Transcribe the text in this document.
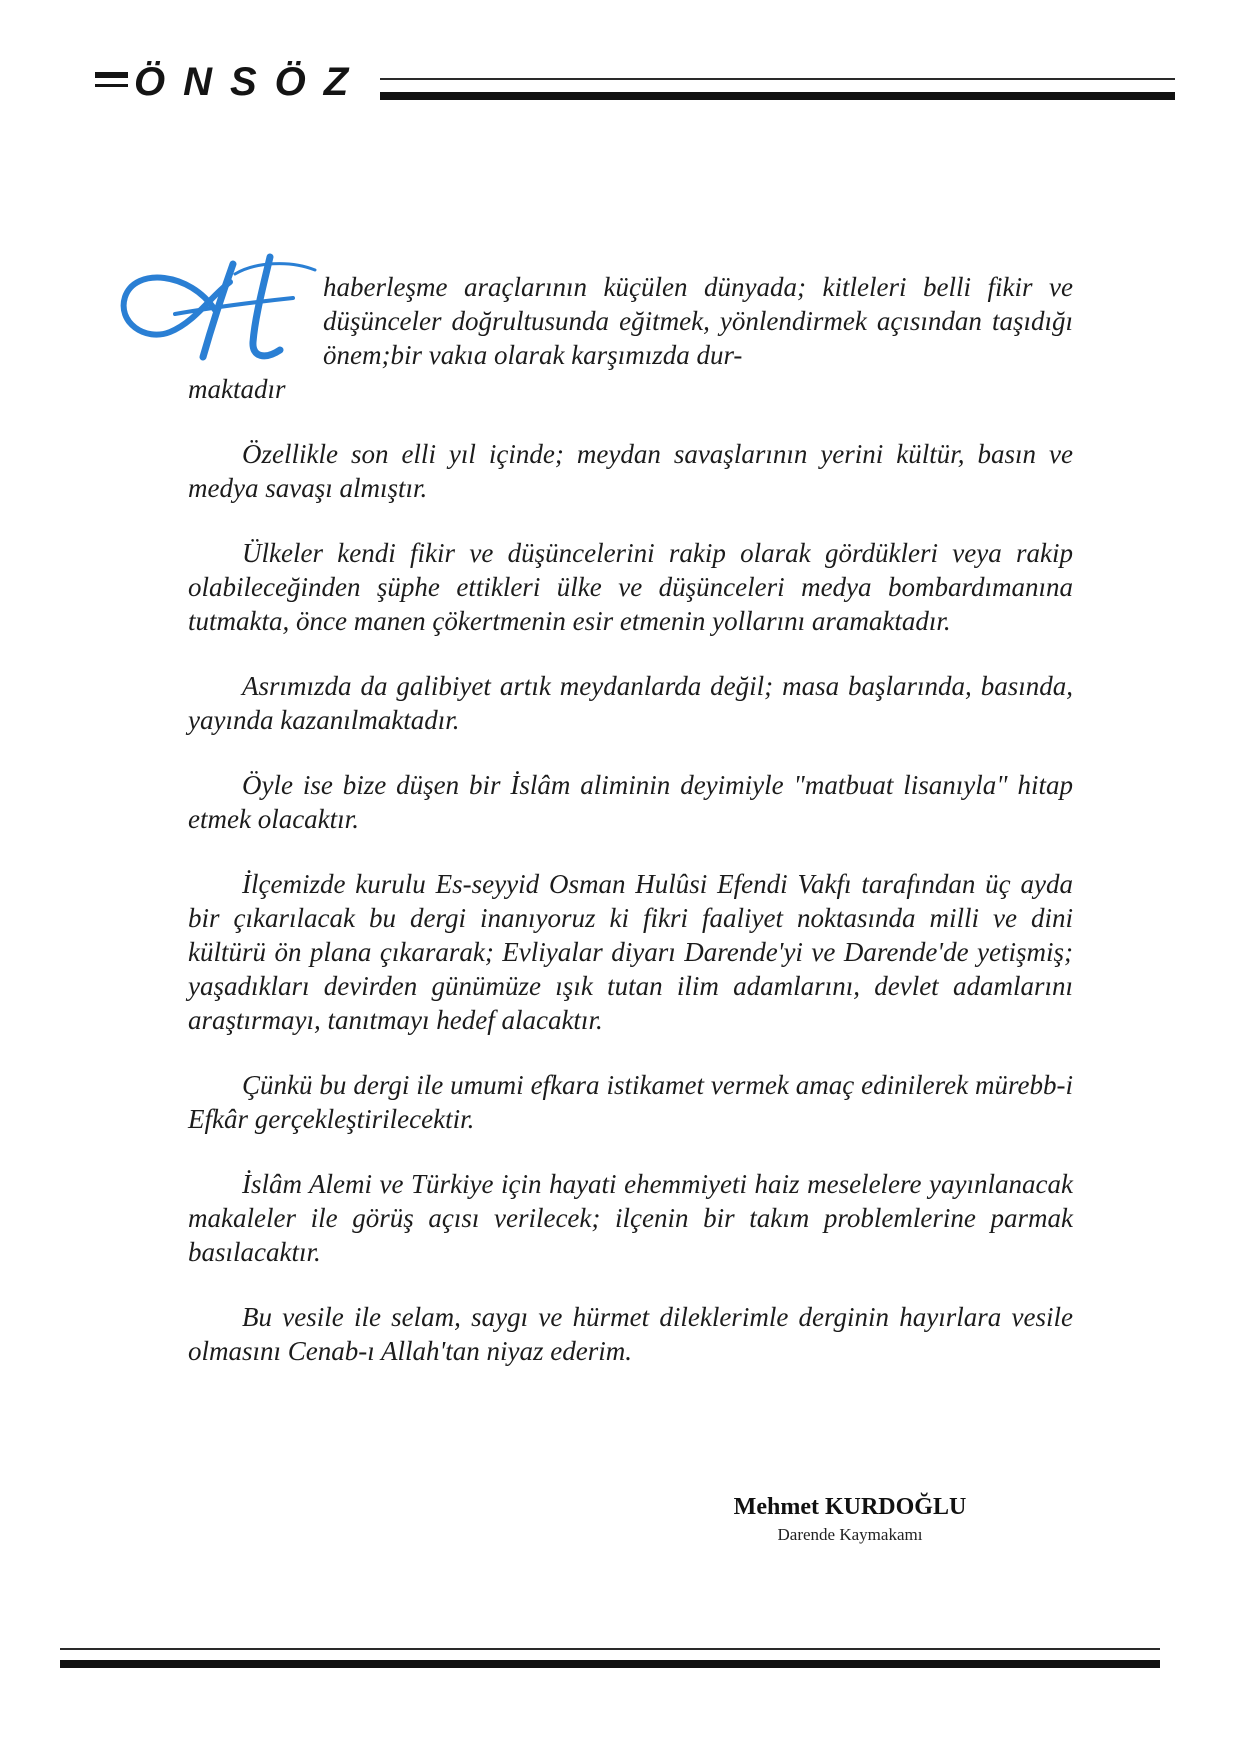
ÖNSÖZ

haberleşme araçlarının küçülen dünyada; kitleleri belli fikir ve düşünceler doğrultusunda eğitmek, yönlendirmek açısından taşıdığı önem;bir vakıa olarak karşımızda dur-

maktadır

Özellikle son elli yıl içinde; meydan savaşlarının yerini kültür, basın ve medya savaşı almıştır.

Ülkeler kendi fikir ve düşüncelerini rakip olarak gördükleri veya rakip olabileceğinden şüphe ettikleri ülke ve düşünceleri medya bombardımanına tutmakta, önce manen çökertmenin esir etmenin yollarını aramaktadır.

Asrımızda da galibiyet artık meydanlarda değil; masa başlarında, basında, yayında kazanılmaktadır.

Öyle ise bize düşen bir İslâm aliminin deyimiyle "matbuat lisanıyla" hitap etmek olacaktır.

İlçemizde kurulu Es-seyyid Osman Hulûsi Efendi Vakfı tarafından üç ayda bir çıkarılacak bu dergi inanıyoruz ki fikri faaliyet noktasında milli ve dini kültürü ön plana çıkararak; Evliyalar diyarı Darende'yi ve Darende'de yetişmiş; yaşadıkları devirden günümüze ışık tutan ilim adamlarını, devlet adamlarını araştırmayı, tanıtmayı hedef alacaktır.

Çünkü bu dergi ile umumi efkara istikamet vermek amaç edinilerek mürebb-i Efkâr gerçekleştirilecektir.

İslâm Alemi ve Türkiye için hayati ehemmiyeti haiz meselelere yayınlanacak makaleler ile görüş açısı verilecek; ilçenin bir takım problemlerine parmak basılacaktır.

Bu vesile ile selam, saygı ve hürmet dileklerimle derginin hayırlara vesile olmasını Cenab-ı Allah'tan niyaz ederim.

Mehmet KURDOĞLU
Darende Kaymakamı
